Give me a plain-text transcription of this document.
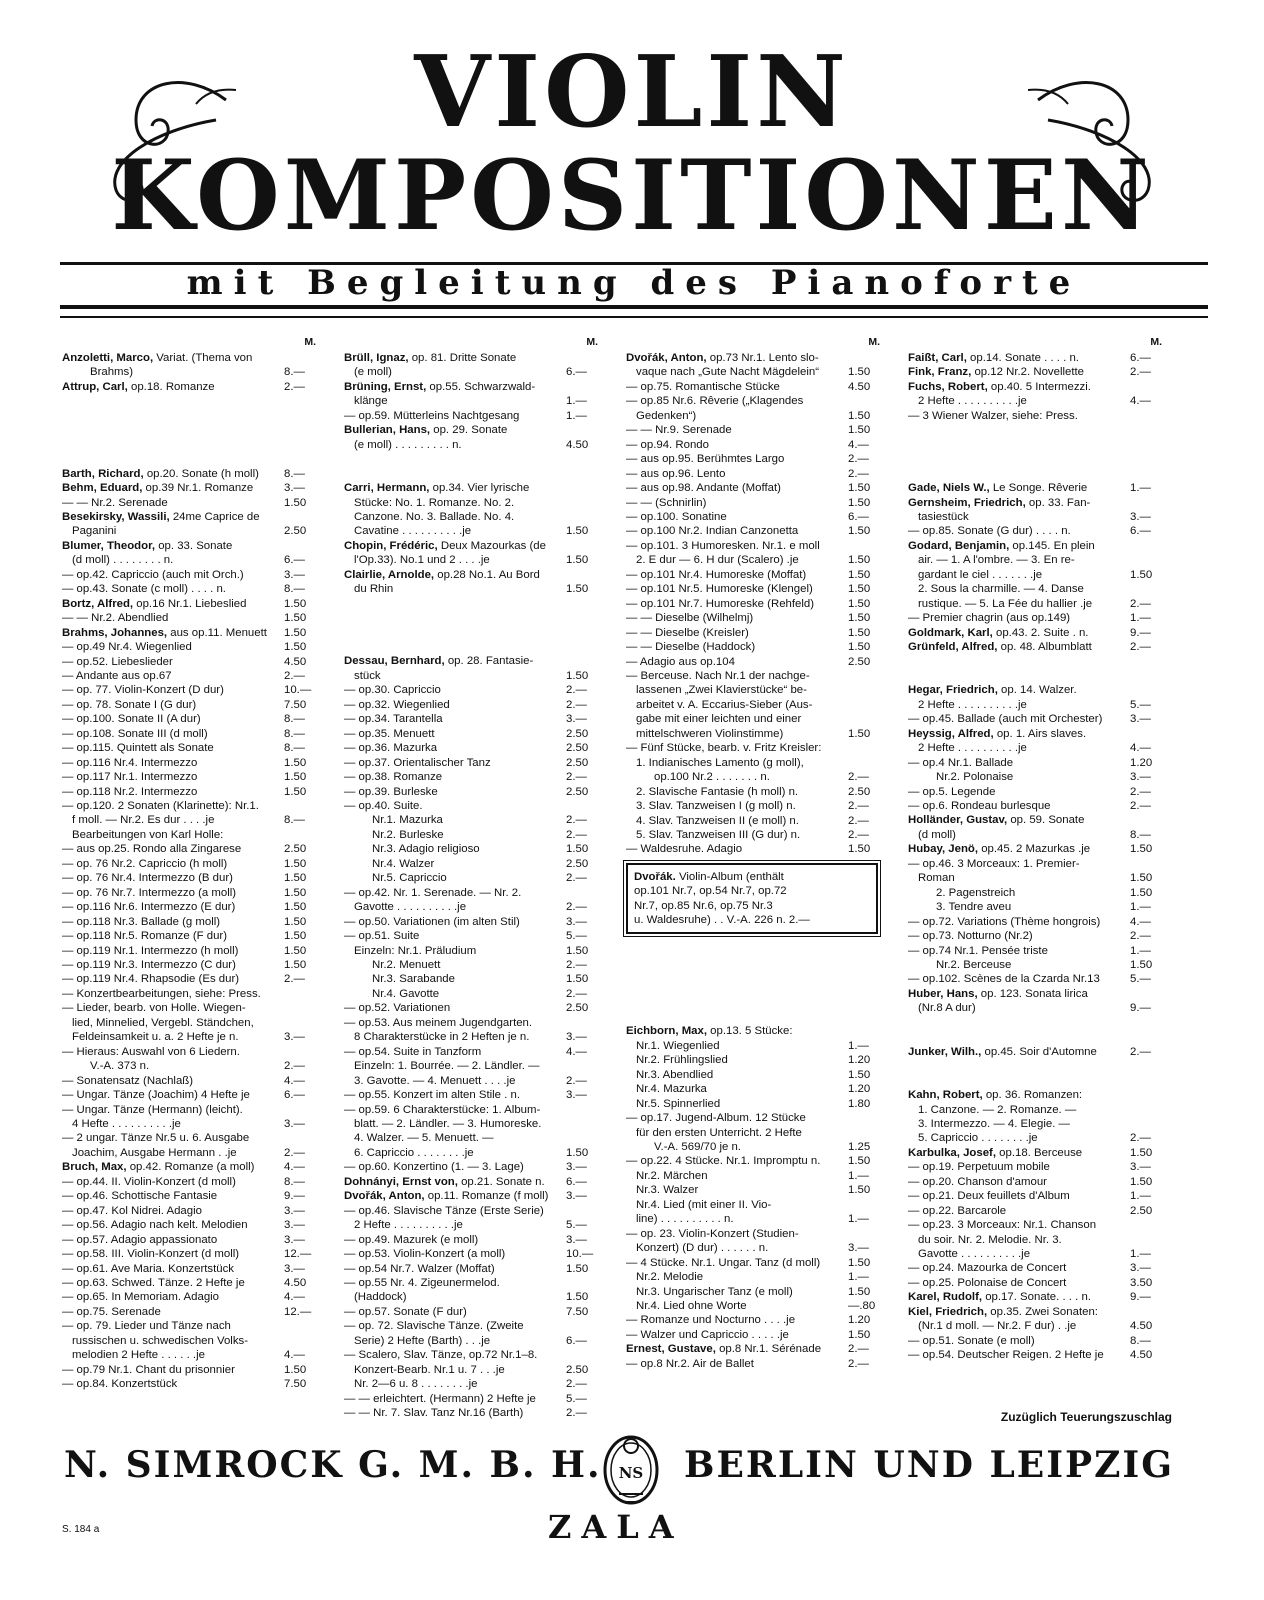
VIOLIN
KOMPOSITIONEN
mit Begleitung des Pianoforte
M.
Anzoletti, Marco, Variat. (Thema von
Brahms)	8.—
Attrup, Carl, op.18. Romanze	2.—
Barth, Richard, op.20. Sonate (h moll)	8.—
Behm, Eduard, op.39 Nr.1. Romanze	3.—
— — Nr.2. Serenade	1.50
Besekirsky, Wassili, 24me Caprice de
Paganini	2.50
Blumer, Theodor, op. 33. Sonate
(d moll) . . . . . . . . n.	6.—
— op.42. Capriccio (auch mit Orch.)	3.—
— op.43. Sonate (c moll) . . . . n.	8.—
Bortz, Alfred, op.16 Nr.1. Liebeslied	1.50
— — Nr.2. Abendlied	1.50
Brahms, Johannes, aus op.11. Menuett	1.50
— op.49 Nr.4. Wiegenlied	1.50
— op.52. Liebeslieder	4.50
— Andante aus op.67	2.—
— op. 77. Violin-Konzert (D dur)	10.—
— op. 78. Sonate I (G dur)	7.50
— op.100. Sonate II (A dur)	8.—
— op.108. Sonate III (d moll)	8.—
— op.115. Quintett als Sonate	8.—
— op.116 Nr.4. Intermezzo	1.50
— op.117 Nr.1. Intermezzo	1.50
— op.118 Nr.2. Intermezzo	1.50
— op.120. 2 Sonaten (Klarinette): Nr.1.
f moll. — Nr.2. Es dur . . . .je	8.—
Bearbeitungen von Karl Holle:
— aus op.25. Rondo alla Zingarese	2.50
— op. 76 Nr.2. Capriccio (h moll)	1.50
— op. 76 Nr.4. Intermezzo (B dur)	1.50
— op. 76 Nr.7. Intermezzo (a moll)	1.50
— op.116 Nr.6. Intermezzo (E dur)	1.50
— op.118 Nr.3. Ballade (g moll)	1.50
— op.118 Nr.5. Romanze (F dur)	1.50
— op.119 Nr.1. Intermezzo (h moll)	1.50
— op.119 Nr.3. Intermezzo (C dur)	1.50
— op.119 Nr.4. Rhapsodie (Es dur)	2.—
— Konzertbearbeitungen, siehe: Press.
— Lieder, bearb. von Holle. Wiegen-
lied, Minnelied, Vergebl. Ständchen,
Feldeinsamkeit u. a. 2 Hefte je n.	3.—
— Hieraus: Auswahl von 6 Liedern.
V.-A. 373 n.	2.—
— Sonatensatz (Nachlaß)	4.—
— Ungar. Tänze (Joachim) 4 Hefte je	6.—
— Ungar. Tänze (Hermann) (leicht).
4 Hefte . . . . . . . . . .je	3.—
— 2 ungar. Tänze Nr.5 u. 6. Ausgabe
Joachim, Ausgabe Hermann . .je	2.—
Bruch, Max, op.42. Romanze (a moll)	4.—
— op.44. II. Violin-Konzert (d moll)	8.—
— op.46. Schottische Fantasie	9.—
— op.47. Kol Nidrei. Adagio	3.—
— op.56. Adagio nach kelt. Melodien	3.—
— op.57. Adagio appassionato	3.—
— op.58. III. Violin-Konzert (d moll)	12.—
— op.61. Ave Maria. Konzertstück	3.—
— op.63. Schwed. Tänze. 2 Hefte je	4.50
— op.65. In Memoriam. Adagio	4.—
— op.75. Serenade	12.—
— op. 79. Lieder und Tänze nach
russischen u. schwedischen Volks-
melodien 2 Hefte . . . . . .je	4.—
— op.79 Nr.1. Chant du prisonnier	1.50
— op.84. Konzertstück	7.50
M.
Brüll, Ignaz, op. 81. Dritte Sonate
(e moll)	6.—
Brüning, Ernst, op.55. Schwarzwald-
klänge	1.—
— op.59. Mütterleins Nachtgesang	1.—
Bullerian, Hans, op. 29. Sonate
(e moll) . . . . . . . . . n.	4.50
Carri, Hermann, op.34. Vier lyrische
Stücke: No. 1. Romanze. No. 2.
Canzone. No. 3. Ballade. No. 4.
Cavatine . . . . . . . . . .je	1.50
Chopin, Frédéric, Deux Mazourkas (de
l'Op.33). No.1 und 2 . . . .je	1.50
Clairlie, Arnolde, op.28 No.1. Au Bord
du Rhin	1.50
Dessau, Bernhard, op. 28. Fantasie-
stück	1.50
— op.30. Capriccio	2.—
— op.32. Wiegenlied	2.—
— op.34. Tarantella	3.—
— op.35. Menuett	2.50
— op.36. Mazurka	2.50
— op.37. Orientalischer Tanz	2.50
— op.38. Romanze	2.—
— op.39. Burleske	2.50
— op.40. Suite.
Nr.1. Mazurka	2.—
Nr.2. Burleske	2.—
Nr.3. Adagio religioso	1.50
Nr.4. Walzer	2.50
Nr.5. Capriccio	2.—
— op.42. Nr. 1. Serenade. — Nr. 2.
Gavotte . . . . . . . . . .je	2.—
— op.50. Variationen (im alten Stil)	3.—
— op.51. Suite	5.—
Einzeln: Nr.1. Präludium	1.50
Nr.2. Menuett	2.—
Nr.3. Sarabande	1.50
Nr.4. Gavotte	2.—
— op.52. Variationen	2.50
— op.53. Aus meinem Jugendgarten.
8 Charakterstücke in 2 Heften je n.	3.—
— op.54. Suite in Tanzform	4.—
Einzeln: 1. Bourrée. — 2. Ländler. —
3. Gavotte. — 4. Menuett . . . .je	2.—
— op.55. Konzert im alten Stile . n.	3.—
— op.59. 6 Charakterstücke: 1. Album-
blatt. — 2. Ländler. — 3. Humoreske.
4. Walzer. — 5. Menuett. —
6. Capriccio . . . . . . . .je	1.50
— op.60. Konzertino (1. — 3. Lage)	3.—
Dohnányi, Ernst von, op.21. Sonate n.	6.—
Dvořák, Anton, op.11. Romanze (f moll)	3.—
— op.46. Slavische Tänze (Erste Serie)
2 Hefte . . . . . . . . . .je	5.—
— op.49. Mazurek (e moll)	3.—
— op.53. Violin-Konzert (a moll)	10.—
— op.54 Nr.7. Walzer (Moffat)	1.50
— op.55 Nr. 4. Zigeunermelod.
(Haddock)	1.50
— op.57. Sonate (F dur)	7.50
— op. 72. Slavische Tänze. (Zweite
Serie) 2 Hefte (Barth) . . .je	6.—
— Scalero, Slav. Tänze, op.72 Nr.1–8.
Konzert-Bearb. Nr.1 u. 7 . . .je	2.50
Nr. 2—6 u. 8 . . . . . . . .je	2.—
— — erleichtert. (Hermann) 2 Hefte je	5.—
— — Nr. 7. Slav. Tanz Nr.16 (Barth)	2.—
M.
Dvořák, Anton, op.73 Nr.1. Lento slo-
vaque nach „Gute Nacht Mägdelein“	1.50
— op.75. Romantische Stücke	4.50
— op.85 Nr.6. Rêverie („Klagendes
Gedenken“)	1.50
— — Nr.9. Serenade	1.50
— op.94. Rondo	4.—
— aus op.95. Berühmtes Largo	2.—
— aus op.96. Lento	2.—
— aus op.98. Andante (Moffat)	1.50
— — (Schnirlin)	1.50
— op.100. Sonatine	6.—
— op.100 Nr.2. Indian Canzonetta	1.50
— op.101. 3 Humoresken. Nr.1. e moll
2. E dur — 6. H dur (Scalero) .je	1.50
— op.101 Nr.4. Humoreske (Moffat)	1.50
— op.101 Nr.5. Humoreske (Klengel)	1.50
— op.101 Nr.7. Humoreske (Rehfeld)	1.50
— — Dieselbe (Wilhelmj)	1.50
— — Dieselbe (Kreisler)	1.50
— — Dieselbe (Haddock)	1.50
— Adagio aus op.104	2.50
— Berceuse. Nach Nr.1 der nachge-
lassenen „Zwei Klavierstücke“ be-
arbeitet v. A. Eccarius-Sieber (Aus-
gabe mit einer leichten und einer
mittelschweren Violinstimme)	1.50
— Fünf Stücke, bearb. v. Fritz Kreisler:
1. Indianisches Lamento (g moll),
op.100 Nr.2 . . . . . . . n.	2.—
2. Slavische Fantasie (h moll) n.	2.50
3. Slav. Tanzweisen I (g moll) n.	2.—
4. Slav. Tanzweisen II (e moll) n.	2.—
5. Slav. Tanzweisen III (G dur) n.	2.—
— Waldesruhe. Adagio	1.50
Dvořák. Violin-Album (enthält
op.101 Nr.7, op.54 Nr.7, op.72
Nr.7, op.85 Nr.6, op.75 Nr.3
u. Waldesruhe) . . V.-A. 226 n. 2.—
Eichborn, Max, op.13. 5 Stücke:
Nr.1. Wiegenlied	1.—
Nr.2. Frühlingslied	1.20
Nr.3. Abendlied	1.50
Nr.4. Mazurka	1.20
Nr.5. Spinnerlied	1.80
— op.17. Jugend-Album. 12 Stücke
für den ersten Unterricht. 2 Hefte
V.-A. 569/70 je n.	1.25
— op.22. 4 Stücke. Nr.1. Impromptu n.	1.50
Nr.2. Märchen	1.—
Nr.3. Walzer	1.50
Nr.4. Lied (mit einer II. Vio-
line) . . . . . . . . . . n.	1.—
— op. 23. Violin-Konzert (Studien-
Konzert) (D dur) . . . . . . n.	3.—
— 4 Stücke. Nr.1. Ungar. Tanz (d moll)	1.50
Nr.2. Melodie	1.—
Nr.3. Ungarischer Tanz (e moll)	1.50
Nr.4. Lied ohne Worte	—.80
— Romanze und Nocturno . . . .je	1.20
— Walzer und Capriccio . . . . .je	1.50
Ernest, Gustave, op.8 Nr.1. Sérénade	2.—
— op.8 Nr.2. Air de Ballet	2.—
M.
Faißt, Carl, op.14. Sonate . . . . n.	6.—
Fink, Franz, op.12 Nr.2. Novellette	2.—
Fuchs, Robert, op.40. 5 Intermezzi.
2 Hefte . . . . . . . . . .je	4.—
— 3 Wiener Walzer, siehe: Press.
Gade, Niels W., Le Songe. Rêverie	1.—
Gernsheim, Friedrich, op. 33. Fan-
tasiestück	3.—
— op.85. Sonate (G dur) . . . . n.	6.—
Godard, Benjamin, op.145. En plein
air. — 1. A l'ombre. — 3. En re-
gardant le ciel . . . . . . .je	1.50
2. Sous la charmille. — 4. Danse
rustique. — 5. La Fée du hallier .je	2.—
— Premier chagrin (aus op.149)	1.—
Goldmark, Karl, op.43. 2. Suite . n.	9.—
Grünfeld, Alfred, op. 48. Albumblatt	2.—
Hegar, Friedrich, op. 14. Walzer.
2 Hefte . . . . . . . . . .je	5.—
— op.45. Ballade (auch mit Orchester)	3.—
Heyssig, Alfred, op. 1. Airs slaves.
2 Hefte . . . . . . . . . .je	4.—
— op.4 Nr.1. Ballade	1.20
Nr.2. Polonaise	3.—
— op.5. Legende	2.—
— op.6. Rondeau burlesque	2.—
Holländer, Gustav, op. 59. Sonate
(d moll)	8.—
Hubay, Jenö, op.45. 2 Mazurkas .je	1.50
— op.46. 3 Morceaux: 1. Premier-
Roman	1.50
2. Pagenstreich	1.50
3. Tendre aveu	1.—
— op.72. Variations (Thème hongrois)	4.—
— op.73. Notturno (Nr.2)	2.—
— op.74 Nr.1. Pensée triste	1.—
Nr.2. Berceuse	1.50
— op.102. Scènes de la Czarda Nr.13	5.—
Huber, Hans, op. 123. Sonata lirica
(Nr.8 A dur)	9.—
Junker, Wilh., op.45. Soir d'Automne	2.—
Kahn, Robert, op. 36. Romanzen:
1. Canzone. — 2. Romanze. —
3. Intermezzo. — 4. Elegie. —
5. Capriccio . . . . . . . .je	2.—
Karbulka, Josef, op.18. Berceuse	1.50
— op.19. Perpetuum mobile	3.—
— op.20. Chanson d'amour	1.50
— op.21. Deux feuillets d'Album	1.—
— op.22. Barcarole	2.50
— op.23. 3 Morceaux: Nr.1. Chanson
du soir. Nr. 2. Melodie. Nr. 3.
Gavotte . . . . . . . . . .je	1.—
— op.24. Mazourka de Concert	3.—
— op.25. Polonaise de Concert	3.50
Karel, Rudolf, op.17. Sonate. . . . n.	9.—
Kiel, Friedrich, op.35. Zwei Sonaten:
(Nr.1 d moll. — Nr.2. F dur) . .je	4.50
— op.51. Sonate (e moll)	8.—
— op.54. Deutscher Reigen. 2 Hefte je	4.50
Zuzüglich Teuerungszuschlag
N. SIMROCK G. M. B. H. NS BERLIN UND LEIPZIG
ZALA
S. 184 a
